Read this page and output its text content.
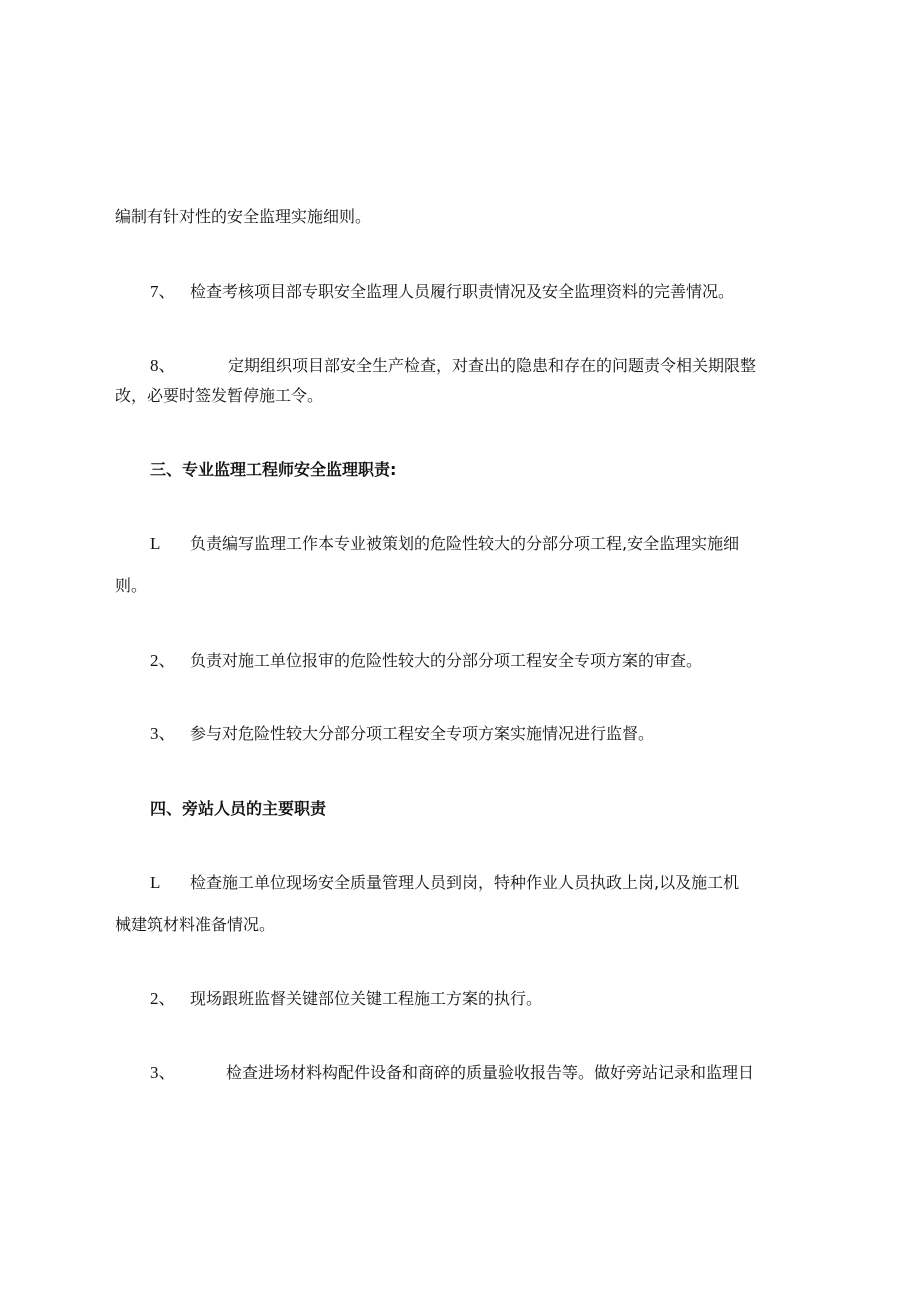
编制有针对性的安全监理实施细则。
7、 检查考核项目部专职安全监理人员履行职责情况及安全监理资料的完善情况。
8、	定期组织项目部安全生产检查，对查出的隐患和存在的问题责令相关期限整
改，必要时签发暂停施工令。
三、专业监理工程师安全监理职责:
L 负责编写监理工作本专业被策划的危险性较大的分部分项工程,安全监理实施细
则。
2、 负责对施工单位报审的危险性较大的分部分项工程安全专项方案的审查。
3、 参与对危险性较大分部分项工程安全专项方案实施情况进行监督。
四、旁站人员的主要职责
L 检查施工单位现场安全质量管理人员到岗，特种作业人员执政上岗,以及施工机
械建筑材料准备情况。
2、 现场跟班监督关键部位关键工程施工方案的执行。
3、	检查进场材料构配件设备和商碎的质量验收报告等。做好旁站记录和监理日
